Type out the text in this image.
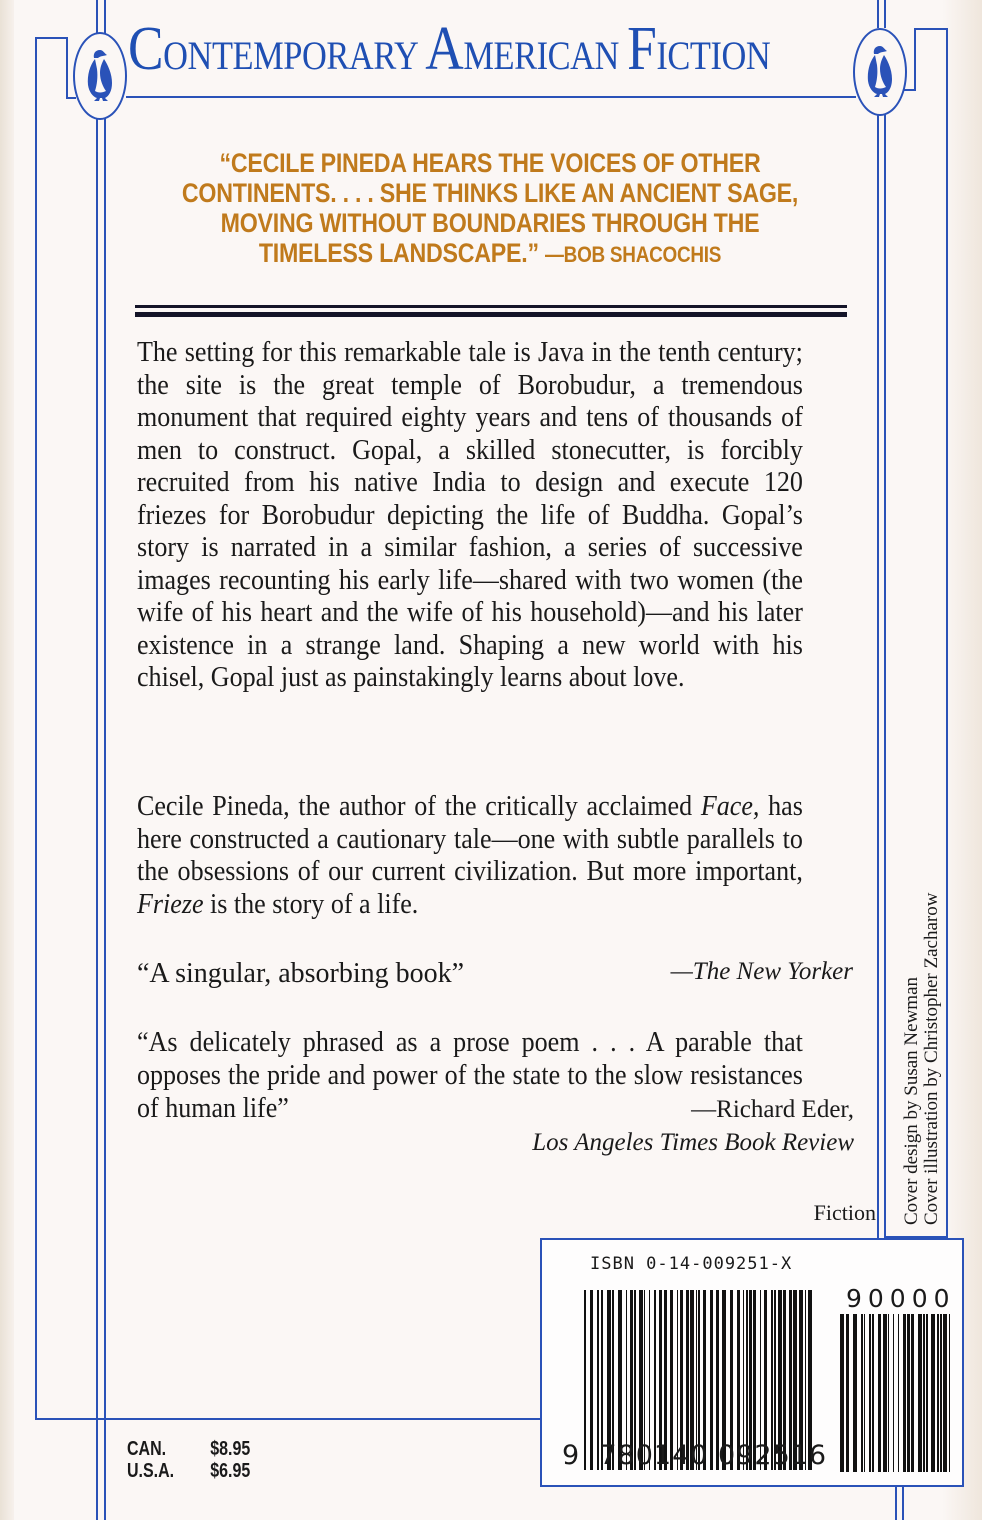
CONTEMPORARY AMERICAN FICTION
“CECILE PINEDA HEARS THE VOICES OF OTHER CONTINENTS. . . . SHE THINKS LIKE AN ANCIENT SAGE, MOVING WITHOUT BOUNDARIES THROUGH THE TIMELESS LANDSCAPE.” —BOB SHACOCHIS

The setting for this remarkable tale is Java in the tenth century; the site is the great temple of Borobudur, a tremendous monument that required eighty years and tens of thousands of men to construct. Gopal, a skilled stonecutter, is forcibly recruited from his native India to design and execute 120 friezes for Borobudur depicting the life of Buddha. Gopal’s story is narrated in a similar fashion, a series of successive images recounting his early life—shared with two women (the wife of his heart and the wife of his household)—and his later existence in a strange land. Shaping a new world with his chisel, Gopal just as painstakingly learns about love.

Cecile Pineda, the author of the critically acclaimed Face, has here constructed a cautionary tale—one with subtle parallels to the obsessions of our current civilization. But more important, Frieze is the story of a life.

“A singular, absorbing book”	—The New Yorker
“As delicately phrased as a prose poem . . . A parable that opposes the pride and power of the state to the slow resistances of human life”	—Richard Eder,
Los Angeles Times Book Review
Fiction Cover design by Susan Newman Cover illustration by Christopher Zacharow
ISBN 0-14-009251-X
90000
9 780140 092516
CAN.	$8.95
U.S.A.	$6.95
